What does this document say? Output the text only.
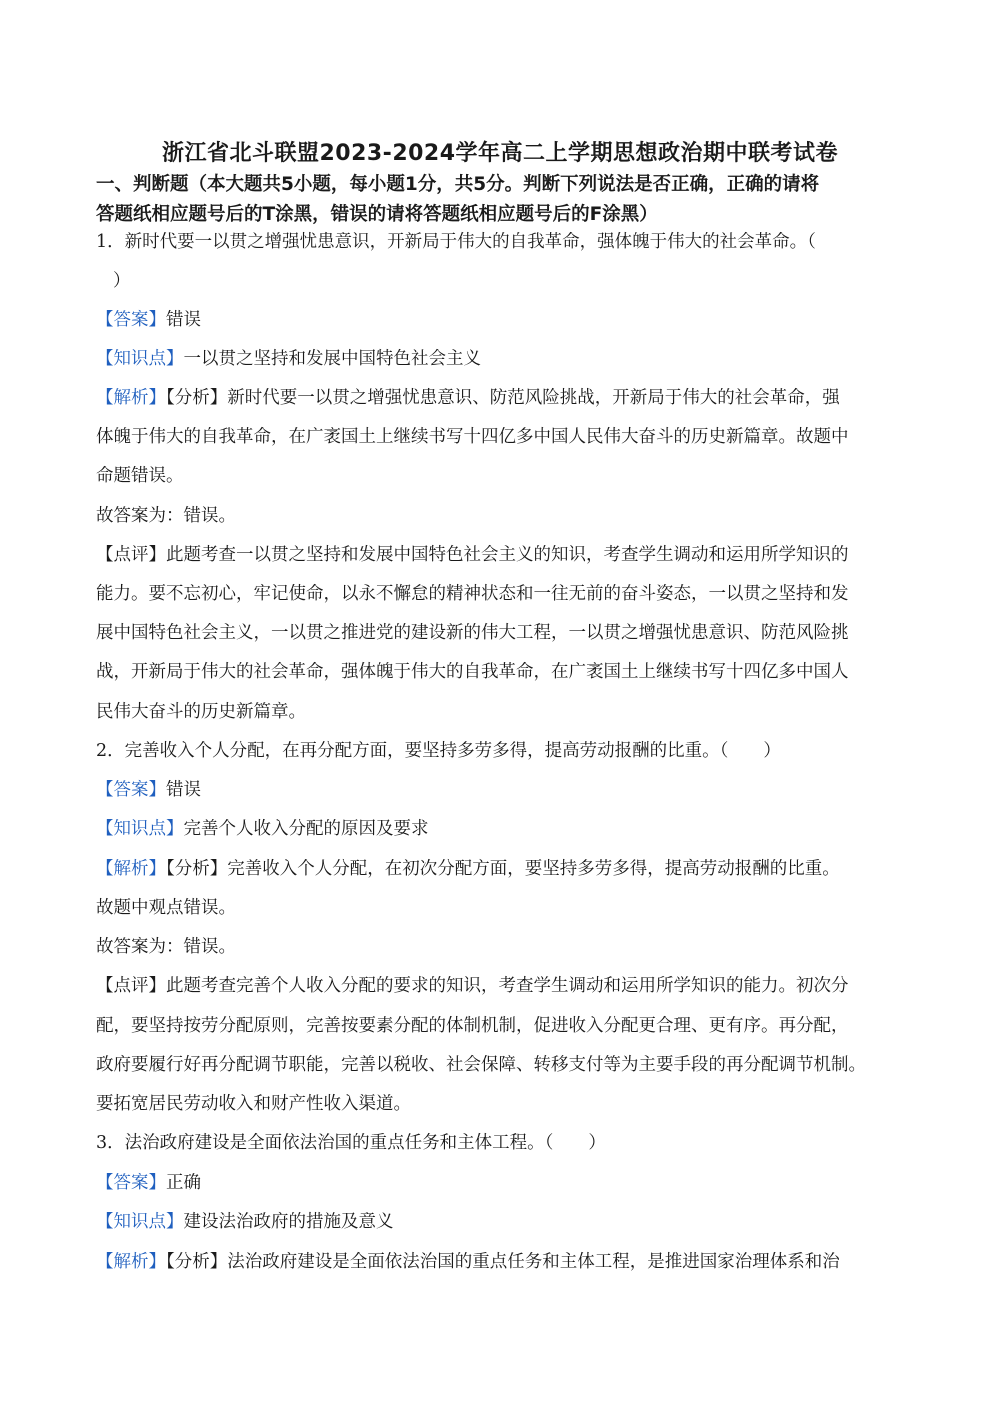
浙江省北斗联盟2023-2024学年高二上学期思想政治期中联考试卷
一、判断题（本大题共5小题，每小题1分，共5分。判断下列说法是否正确，正确的请将
答题纸相应题号后的T涂黑，错误的请将答题纸相应题号后的F涂黑）
1．新时代要一以贯之增强忧患意识，开新局于伟大的自我革命，强体魄于伟大的社会革命。（
）
【答案】错误
【知识点】一以贯之坚持和发展中国特色社会主义
【解析】【分析】新时代要一以贯之增强忧患意识、防范风险挑战，开新局于伟大的社会革命，强
体魄于伟大的自我革命，在广袤国土上继续书写十四亿多中国人民伟大奋斗的历史新篇章。故题中
命题错误。
故答案为：错误。
【点评】此题考查一以贯之坚持和发展中国特色社会主义的知识，考查学生调动和运用所学知识的
能力。要不忘初心，牢记使命，以永不懈怠的精神状态和一往无前的奋斗姿态，一以贯之坚持和发
展中国特色社会主义，一以贯之推进党的建设新的伟大工程，一以贯之增强忧患意识、防范风险挑
战，开新局于伟大的社会革命，强体魄于伟大的自我革命，在广袤国土上继续书写十四亿多中国人
民伟大奋斗的历史新篇章。
2．完善收入个人分配，在再分配方面，要坚持多劳多得，提高劳动报酬的比重。（　　）
【答案】错误
【知识点】完善个人收入分配的原因及要求
【解析】【分析】完善收入个人分配，在初次分配方面，要坚持多劳多得，提高劳动报酬的比重。
故题中观点错误。
故答案为：错误。
【点评】此题考查完善个人收入分配的要求的知识，考查学生调动和运用所学知识的能力。初次分
配，要坚持按劳分配原则，完善按要素分配的体制机制，促进收入分配更合理、更有序。再分配，
政府要履行好再分配调节职能，完善以税收、社会保障、转移支付等为主要手段的再分配调节机制。
要拓宽居民劳动收入和财产性收入渠道。
3．法治政府建设是全面依法治国的重点任务和主体工程。（　　）
【答案】正确
【知识点】建设法治政府的措施及意义
【解析】【分析】法治政府建设是全面依法治国的重点任务和主体工程，是推进国家治理体系和治
